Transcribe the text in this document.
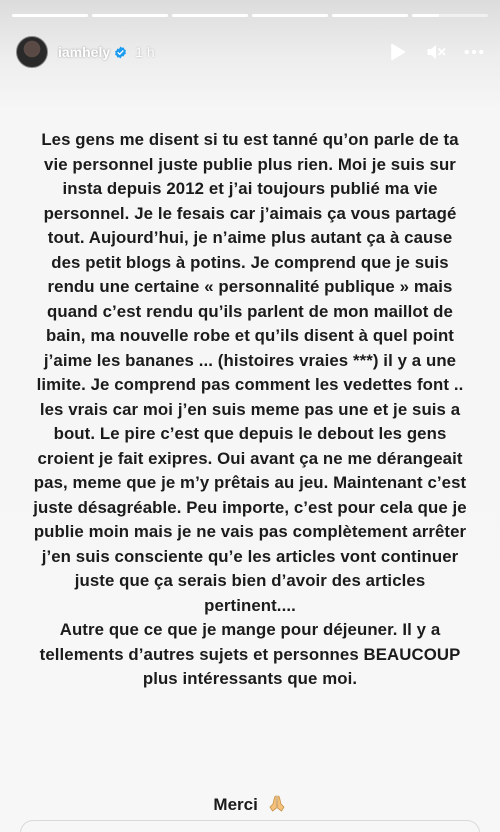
iamhely 1 h

Les gens me disent si tu est tanné qu’on parle de ta vie personnel juste publie plus rien. Moi je suis sur insta depuis 2012 et j’ai toujours publié ma vie personnel. Je le fesais car j’aimais ça vous partagé tout. Aujourd’hui, je n’aime plus autant ça à cause des petit blogs à potins. Je comprend que je suis rendu une certaine « personnalité publique » mais quand c’est rendu qu’ils parlent de mon maillot de bain, ma nouvelle robe et qu’ils disent à quel point j’aime les bananes ... (histoires vraies ***) il y a une limite. Je comprend pas comment les vedettes font .. les vrais car moi j’en suis meme pas une et je suis a bout. Le pire c’est que depuis le debout les gens croient je fait exipres. Oui avant ça ne me dérangeait pas, meme que je m’y prêtais au jeu. Maintenant c’est juste désagréable. Peu importe, c’est pour cela que je publie moin mais je ne vais pas complètement arrêter j’en suis consciente qu’e les articles vont continuer juste que ça serais bien d’avoir des articles pertinent....

Autre que ce que je mange pour déjeuner. Il y a tellements d’autres sujets et personnes BEAUCOUP plus intéressants que moi.

Merci
